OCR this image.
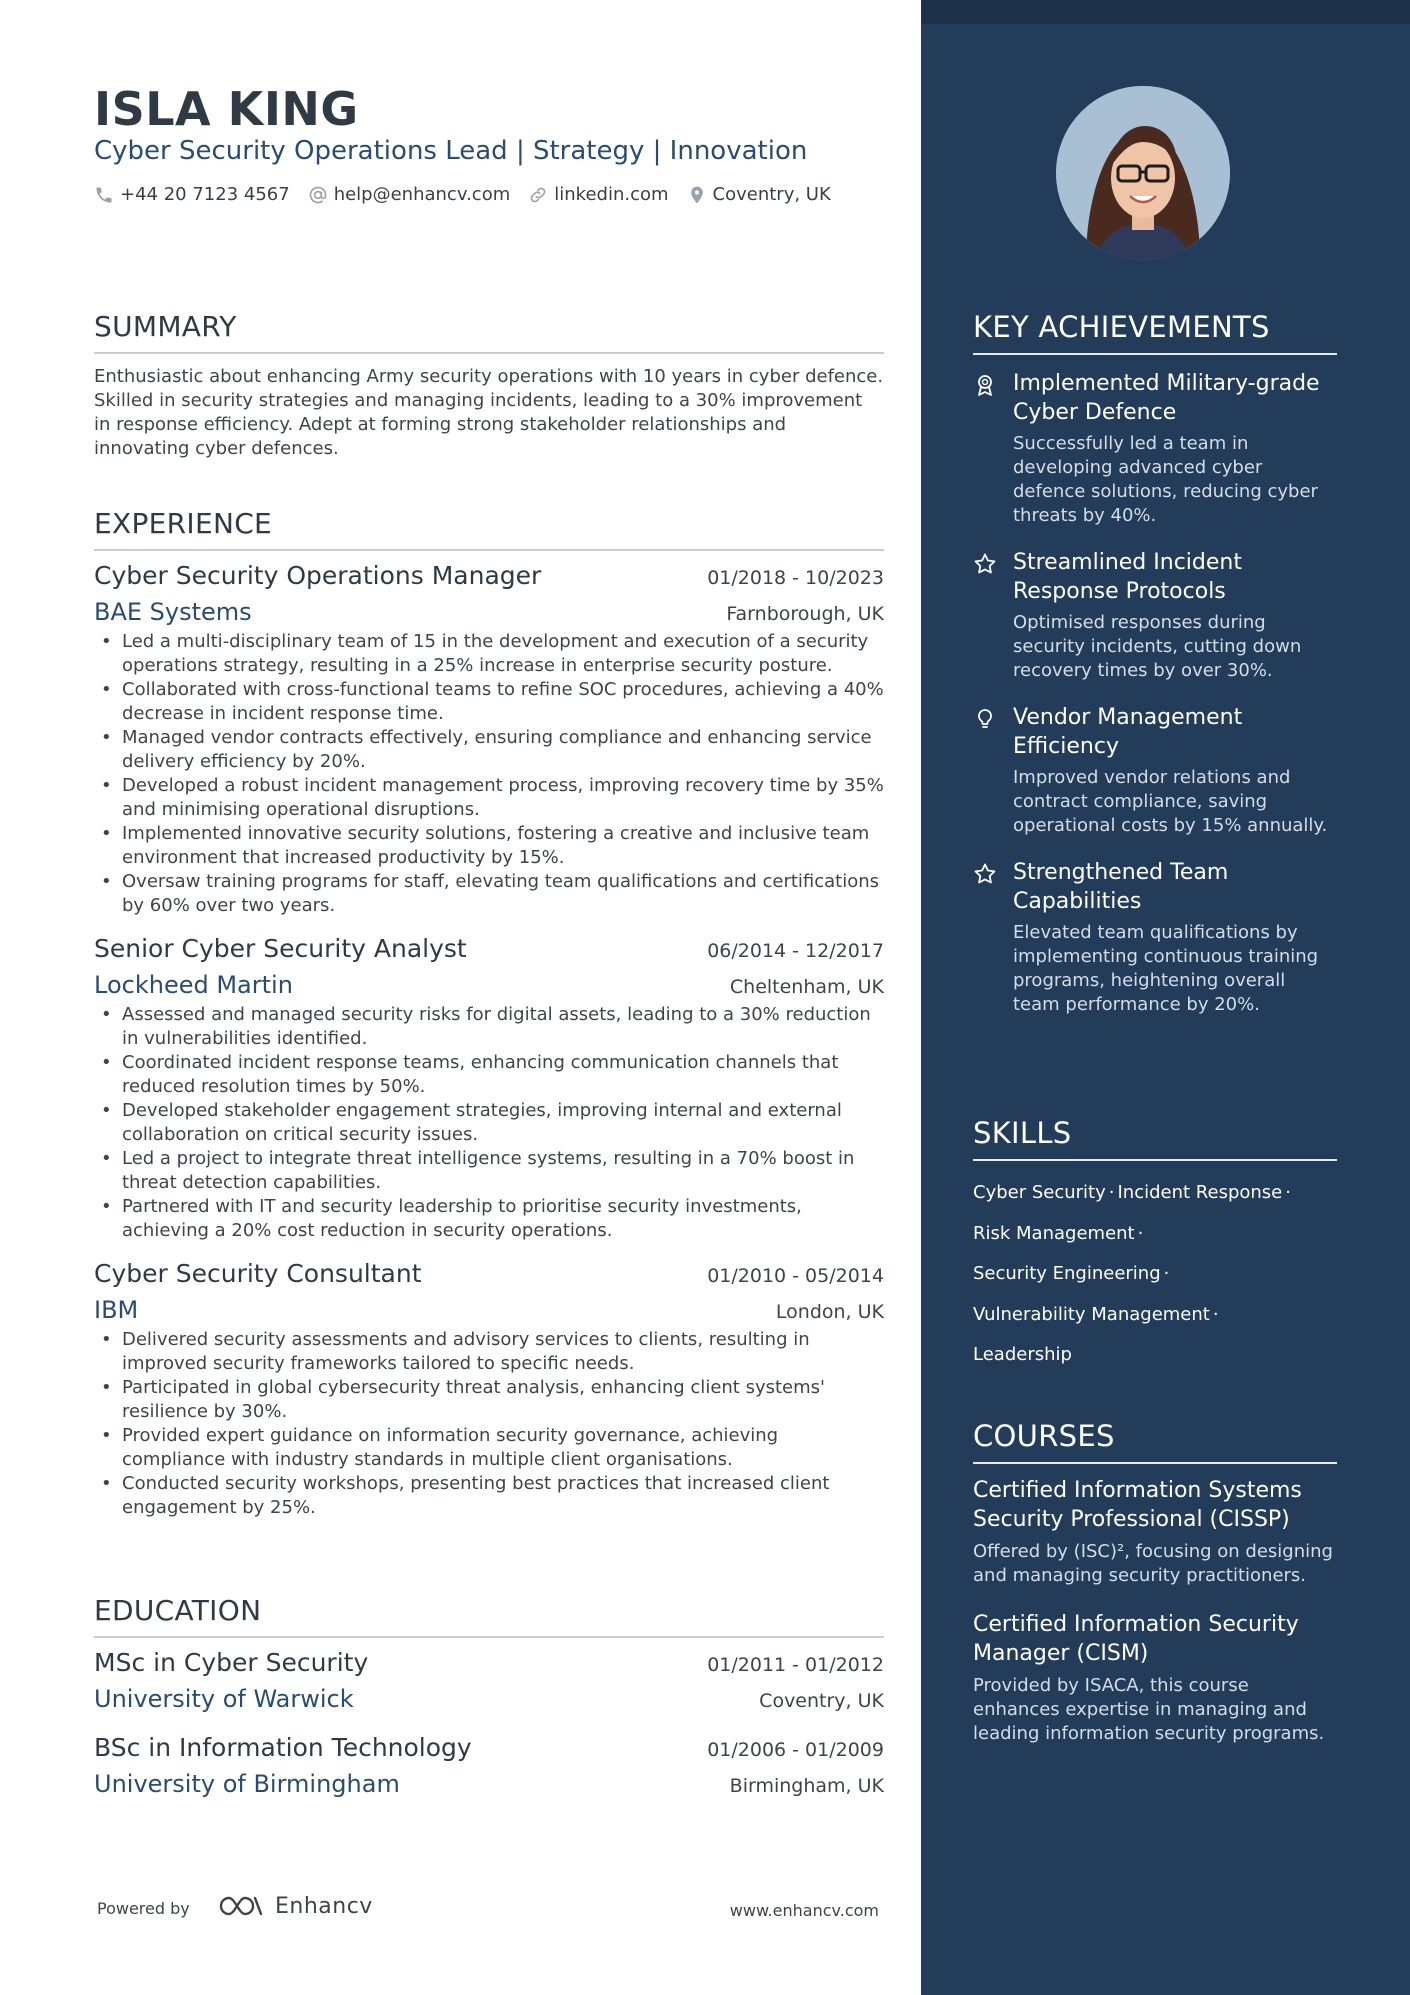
ISLA KING
Cyber Security Operations Lead | Strategy | Innovation
+44 20 7123 4567 help@enhancv.com linkedin.com Coventry, UK
SUMMARY

Enthusiastic about enhancing Army security operations with 10 years in cyber defence. Skilled in security strategies and managing incidents, leading to a 30% improvement in response efficiency. Adept at forming strong stakeholder relationships and innovating cyber defences.

EXPERIENCE
Cyber Security Operations Manager	01/2018 - 10/2023
BAE Systems	Farnborough, UK
• Led a multi-disciplinary team of 15 in the development and execution of a security operations strategy, resulting in a 25% increase in enterprise security posture.
• Collaborated with cross-functional teams to refine SOC procedures, achieving a 40% decrease in incident response time.
• Managed vendor contracts effectively, ensuring compliance and enhancing service delivery efficiency by 20%.
• Developed a robust incident management process, improving recovery time by 35% and minimising operational disruptions.
• Implemented innovative security solutions, fostering a creative and inclusive team environment that increased productivity by 15%.
• Oversaw training programs for staff, elevating team qualifications and certifications by 60% over two years.
Senior Cyber Security Analyst	06/2014 - 12/2017
Lockheed Martin	Cheltenham, UK
• Assessed and managed security risks for digital assets, leading to a 30% reduction in vulnerabilities identified.
• Coordinated incident response teams, enhancing communication channels that reduced resolution times by 50%.
• Developed stakeholder engagement strategies, improving internal and external collaboration on critical security issues.
• Led a project to integrate threat intelligence systems, resulting in a 70% boost in threat detection capabilities.
• Partnered with IT and security leadership to prioritise security investments, achieving a 20% cost reduction in security operations.
Cyber Security Consultant	01/2010 - 05/2014
IBM	London, UK
• Delivered security assessments and advisory services to clients, resulting in improved security frameworks tailored to specific needs.
• Participated in global cybersecurity threat analysis, enhancing client systems' resilience by 30%.
• Provided expert guidance on information security governance, achieving compliance with industry standards in multiple client organisations.
• Conducted security workshops, presenting best practices that increased client engagement by 25%.
EDUCATION
MSc in Cyber Security	01/2011 - 01/2012
University of Warwick	Coventry, UK
BSc in Information Technology	01/2006 - 01/2009
University of Birmingham	Birmingham, UK
Powered by	Enhancv	www.enhancv.com
KEY ACHIEVEMENTS
Implemented Military-grade Cyber Defence
Successfully led a team in developing advanced cyber defence solutions, reducing cyber threats by 40%.
Streamlined Incident Response Protocols
Optimised responses during security incidents, cutting down recovery times by over 30%.
Vendor Management Efficiency
Improved vendor relations and contract compliance, saving operational costs by 15% annually.
Strengthened Team Capabilities
Elevated team qualifications by implementing continuous training programs, heightening overall team performance by 20%.
SKILLS
Cyber Security · Incident Response ·
Risk Management ·
Security Engineering ·
Vulnerability Management ·
Leadership
COURSES
Certified Information Systems Security Professional (CISSP)
Offered by (ISC)², focusing on designing and managing security practitioners.
Certified Information Security Manager (CISM)
Provided by ISACA, this course enhances expertise in managing and leading information security programs.
